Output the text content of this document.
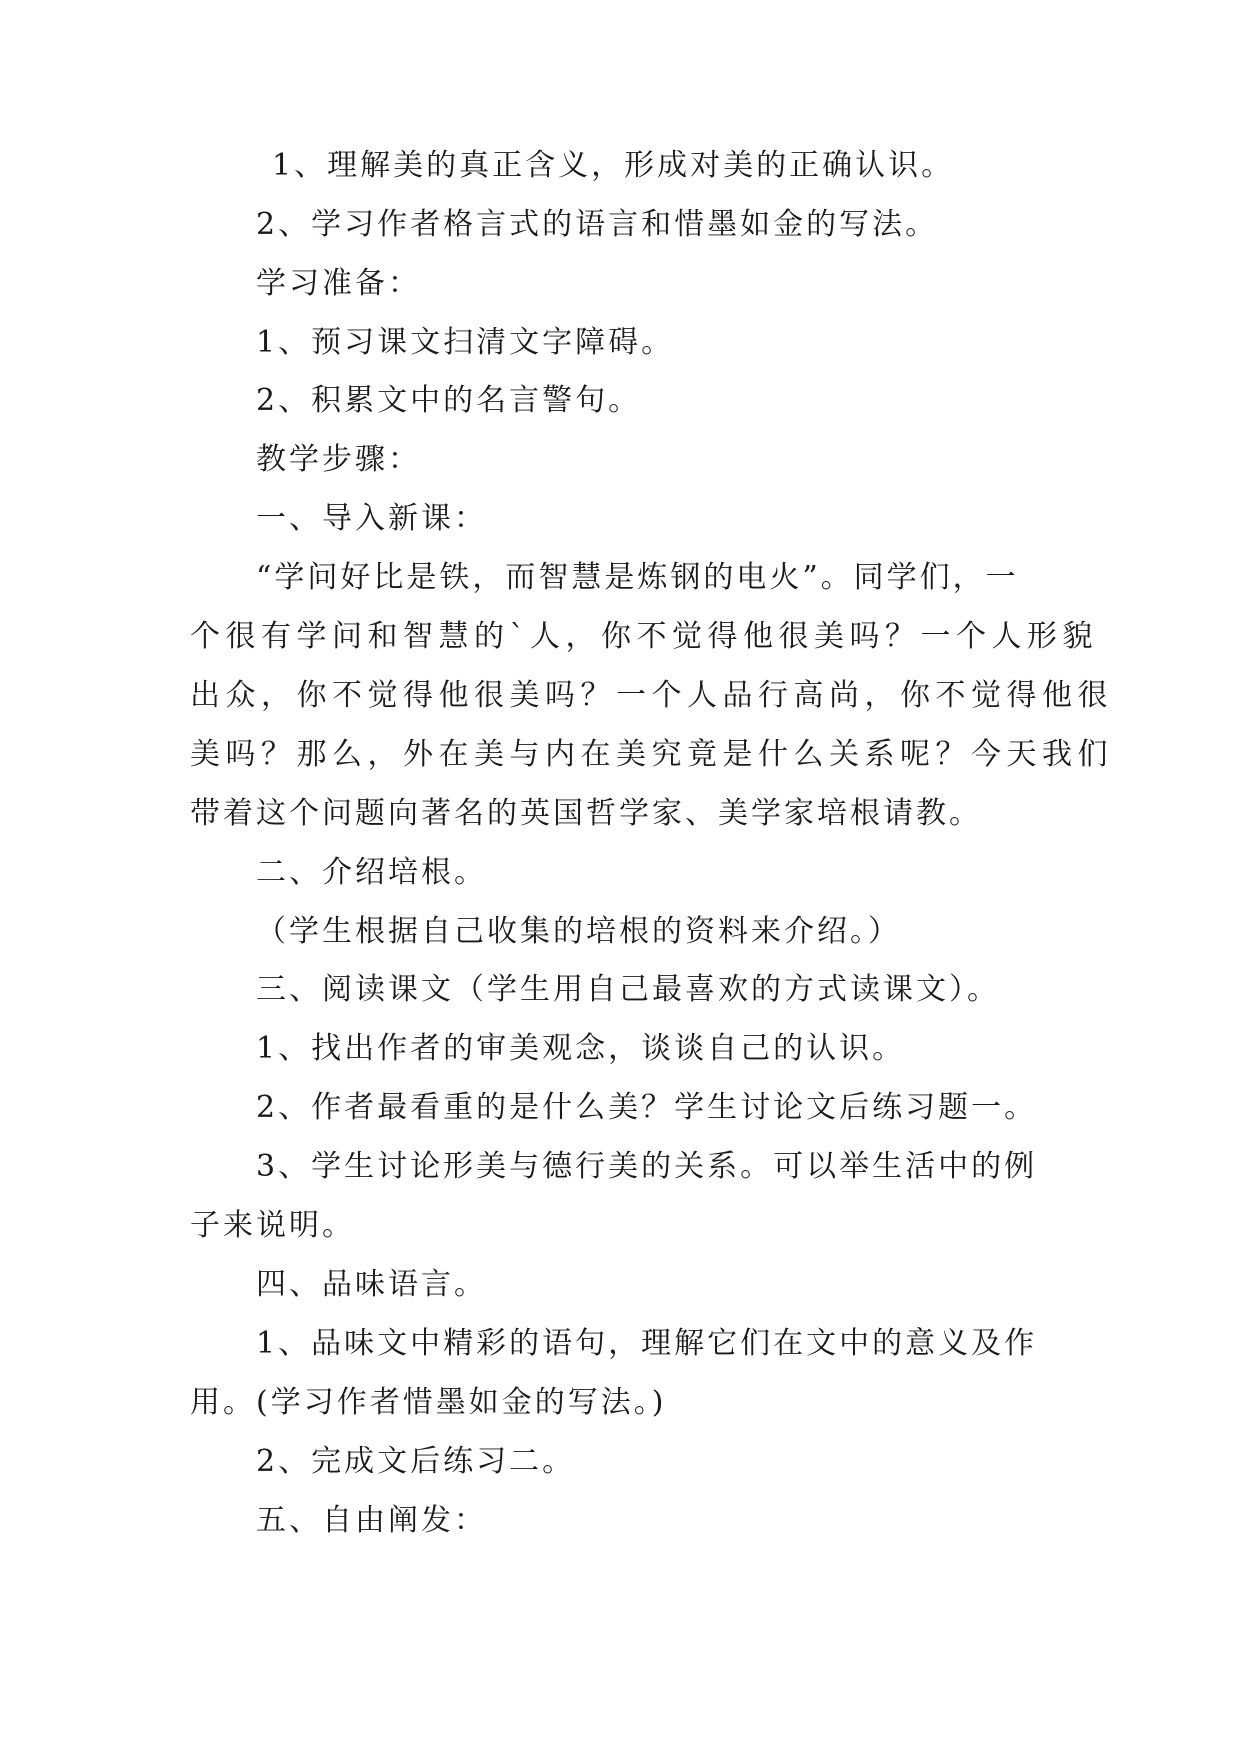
1、理解美的真正含义，形成对美的正确认识。
2、学习作者格言式的语言和惜墨如金的写法。
学习准备：
1、预习课文扫清文字障碍。
2、积累文中的名言警句。
教学步骤：
一、导入新课：
“学问好比是铁，而智慧是炼钢的电火”。同学们，一
个很有学问和智慧的`人，你不觉得他很美吗？一个人形貌
出众，你不觉得他很美吗？一个人品行高尚，你不觉得他很
美吗？那么，外在美与内在美究竟是什么关系呢？今天我们
带着这个问题向著名的英国哲学家、美学家培根请教。
二、介绍培根。
（学生根据自己收集的培根的资料来介绍。）
三、阅读课文（学生用自己最喜欢的方式读课文）。
1、找出作者的审美观念，谈谈自己的认识。
2、作者最看重的是什么美？学生讨论文后练习题一。
3、学生讨论形美与德行美的关系。可以举生活中的例
子来说明。
四、品味语言。
1、品味文中精彩的语句，理解它们在文中的意义及作
用。(学习作者惜墨如金的写法。)
2、完成文后练习二。
五、自由阐发：
